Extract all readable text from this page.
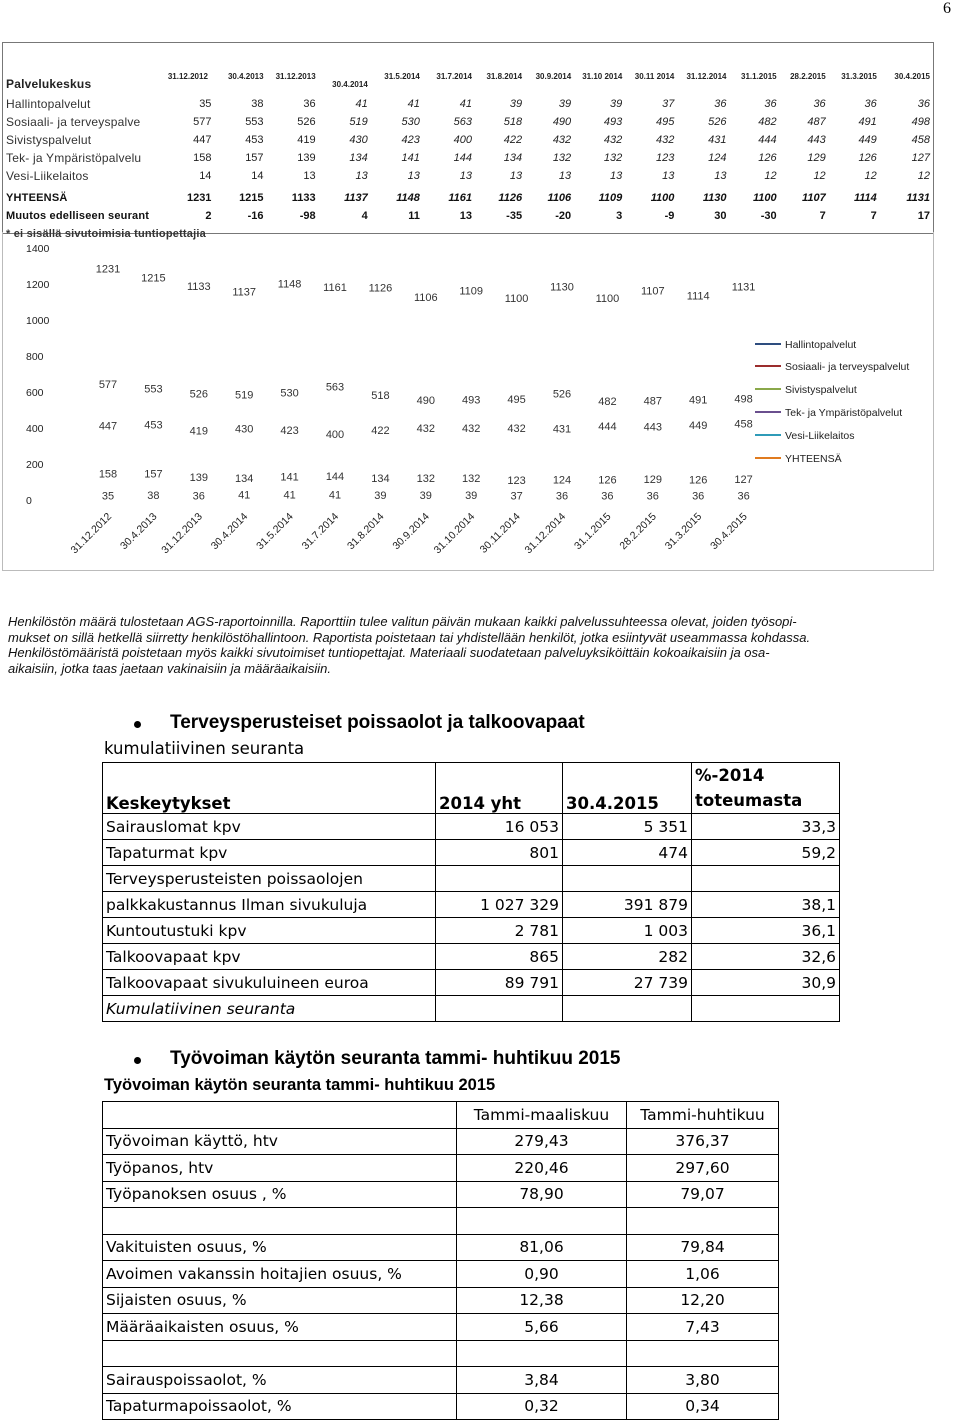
6
Palvelukeskus	31.12.2012	30.4.2013	31.12.2013	30.4.2014	31.5.2014	31.7.2014	31.8.2014	30.9.2014	31.10 2014	30.11 2014	31.12.2014	31.1.2015	28.2.2015	31.3.2015	30.4.2015
Hallintopalvelut	35	38	36	41	41	41	39	39	39	37	36	36	36	36	36
Sosiaali- ja terveyspalve	577	553	526	519	530	563	518	490	493	495	526	482	487	491	498
Sivistyspalvelut	447	453	419	430	423	400	422	432	432	432	431	444	443	449	458
Tek- ja Ympäristöpalvelu	158	157	139	134	141	144	134	132	132	123	124	126	129	126	127
Vesi-Liikelaitos	14	14	13	13	13	13	13	13	13	13	13	12	12	12	12

YHTEENSÄ	1231	1215	1133	1137	1148	1161	1126	1106	1109	1100	1130	1100	1107	1114	1131
Muutos edelliseen seurant	2	-16	-98	4	11	13	-35	-20	3	-9	30	-30	7	7	17
* ei sisällä sivutoimisia tuntiopettajia															
0
200
400
600
800
1000
1200
1400
31.12.2012 30.4.2013 31.12.2013 30.4.2014 31.5.2014 31.7.2014 31.8.2014 30.9.2014 31.10.2014 30.11.2014 31.12.2014 31.1.2015 28.2.2015 31.3.2015 30.4.2015
35	38	36	41	41	41	39	39	39	37	36	36	36	36	36
577 553 526 519 530 563
518 490 493 495 526
482 487 491 498
447 453
419 430 423 400 422 432 432 432 431 444 443 449 458
158 157 139 134 141 144 134 132 132 123 124 126 129 126 127
1231
1215
1133 1137
1148 1161 1126
1106
1109
1100
1130
1100
1107 1114
1131
Hallintopalvelut
Sosiaali- ja terveyspalvelut
Sivistyspalvelut
Tek- ja Ympäristöpalvelut
Vesi-Liikelaitos
YHTEENSÄ
Henkilöstön määrä tulostetaan AGS-raportoinnilla. Raporttiin tulee valitun päivän mukaan kaikki palvelussuhteessa olevat, joiden työsopi-
mukset on sillä hetkellä siirretty henkilöstöhallintoon. Raportista poistetaan tai yhdistellään henkilöt, jotka esiintyvät useammassa kohdassa.
Henkilöstömääristä poistetaan myös kaikki sivutoimiset tuntiopettajat. Materiaali suodatetaan palveluyksiköittäin kokoaikaisiin ja osa-
aikaisiin, jotka taas jaetaan vakinaisiin ja määräaikaisiin.
Terveysperusteiset poissaolot ja talkoovapaat
kumulatiivinen seuranta
Keskeytykset	2014 yht	30.4.2015	%-2014
toteumasta
Sairauslomat kpv	16 053	5 351	33,3
Tapaturmat kpv	801	474	59,2
Terveysperusteisten poissaolojen			
palkkakustannus Ilman sivukuluja	1 027 329	391 879	38,1
Kuntoutustuki kpv	2 781	1 003	36,1
Talkoovapaat kpv	865	282	32,6
Talkoovapaat sivukuluineen euroa	89 791	27 739	30,9
Kumulatiivinen seuranta			
Työvoiman käytön seuranta tammi- huhtikuu 2015
Työvoiman käytön seuranta tammi- huhtikuu 2015
	Tammi-maaliskuu	Tammi-huhtikuu
Työvoiman käyttö, htv	279,43	376,37
Työpanos, htv	220,46	297,60
Työpanoksen osuus , %	78,90	79,07

Vakituisten osuus, %	81,06	79,84
Avoimen vakanssin hoitajien osuus, %	0,90	1,06
Sijaisten osuus, %	12,38	12,20
Määräaikaisten osuus, %	5,66	7,43

Sairauspoissaolot, %	3,84	3,80
Tapaturmapoissaolot, %	0,32	0,34
